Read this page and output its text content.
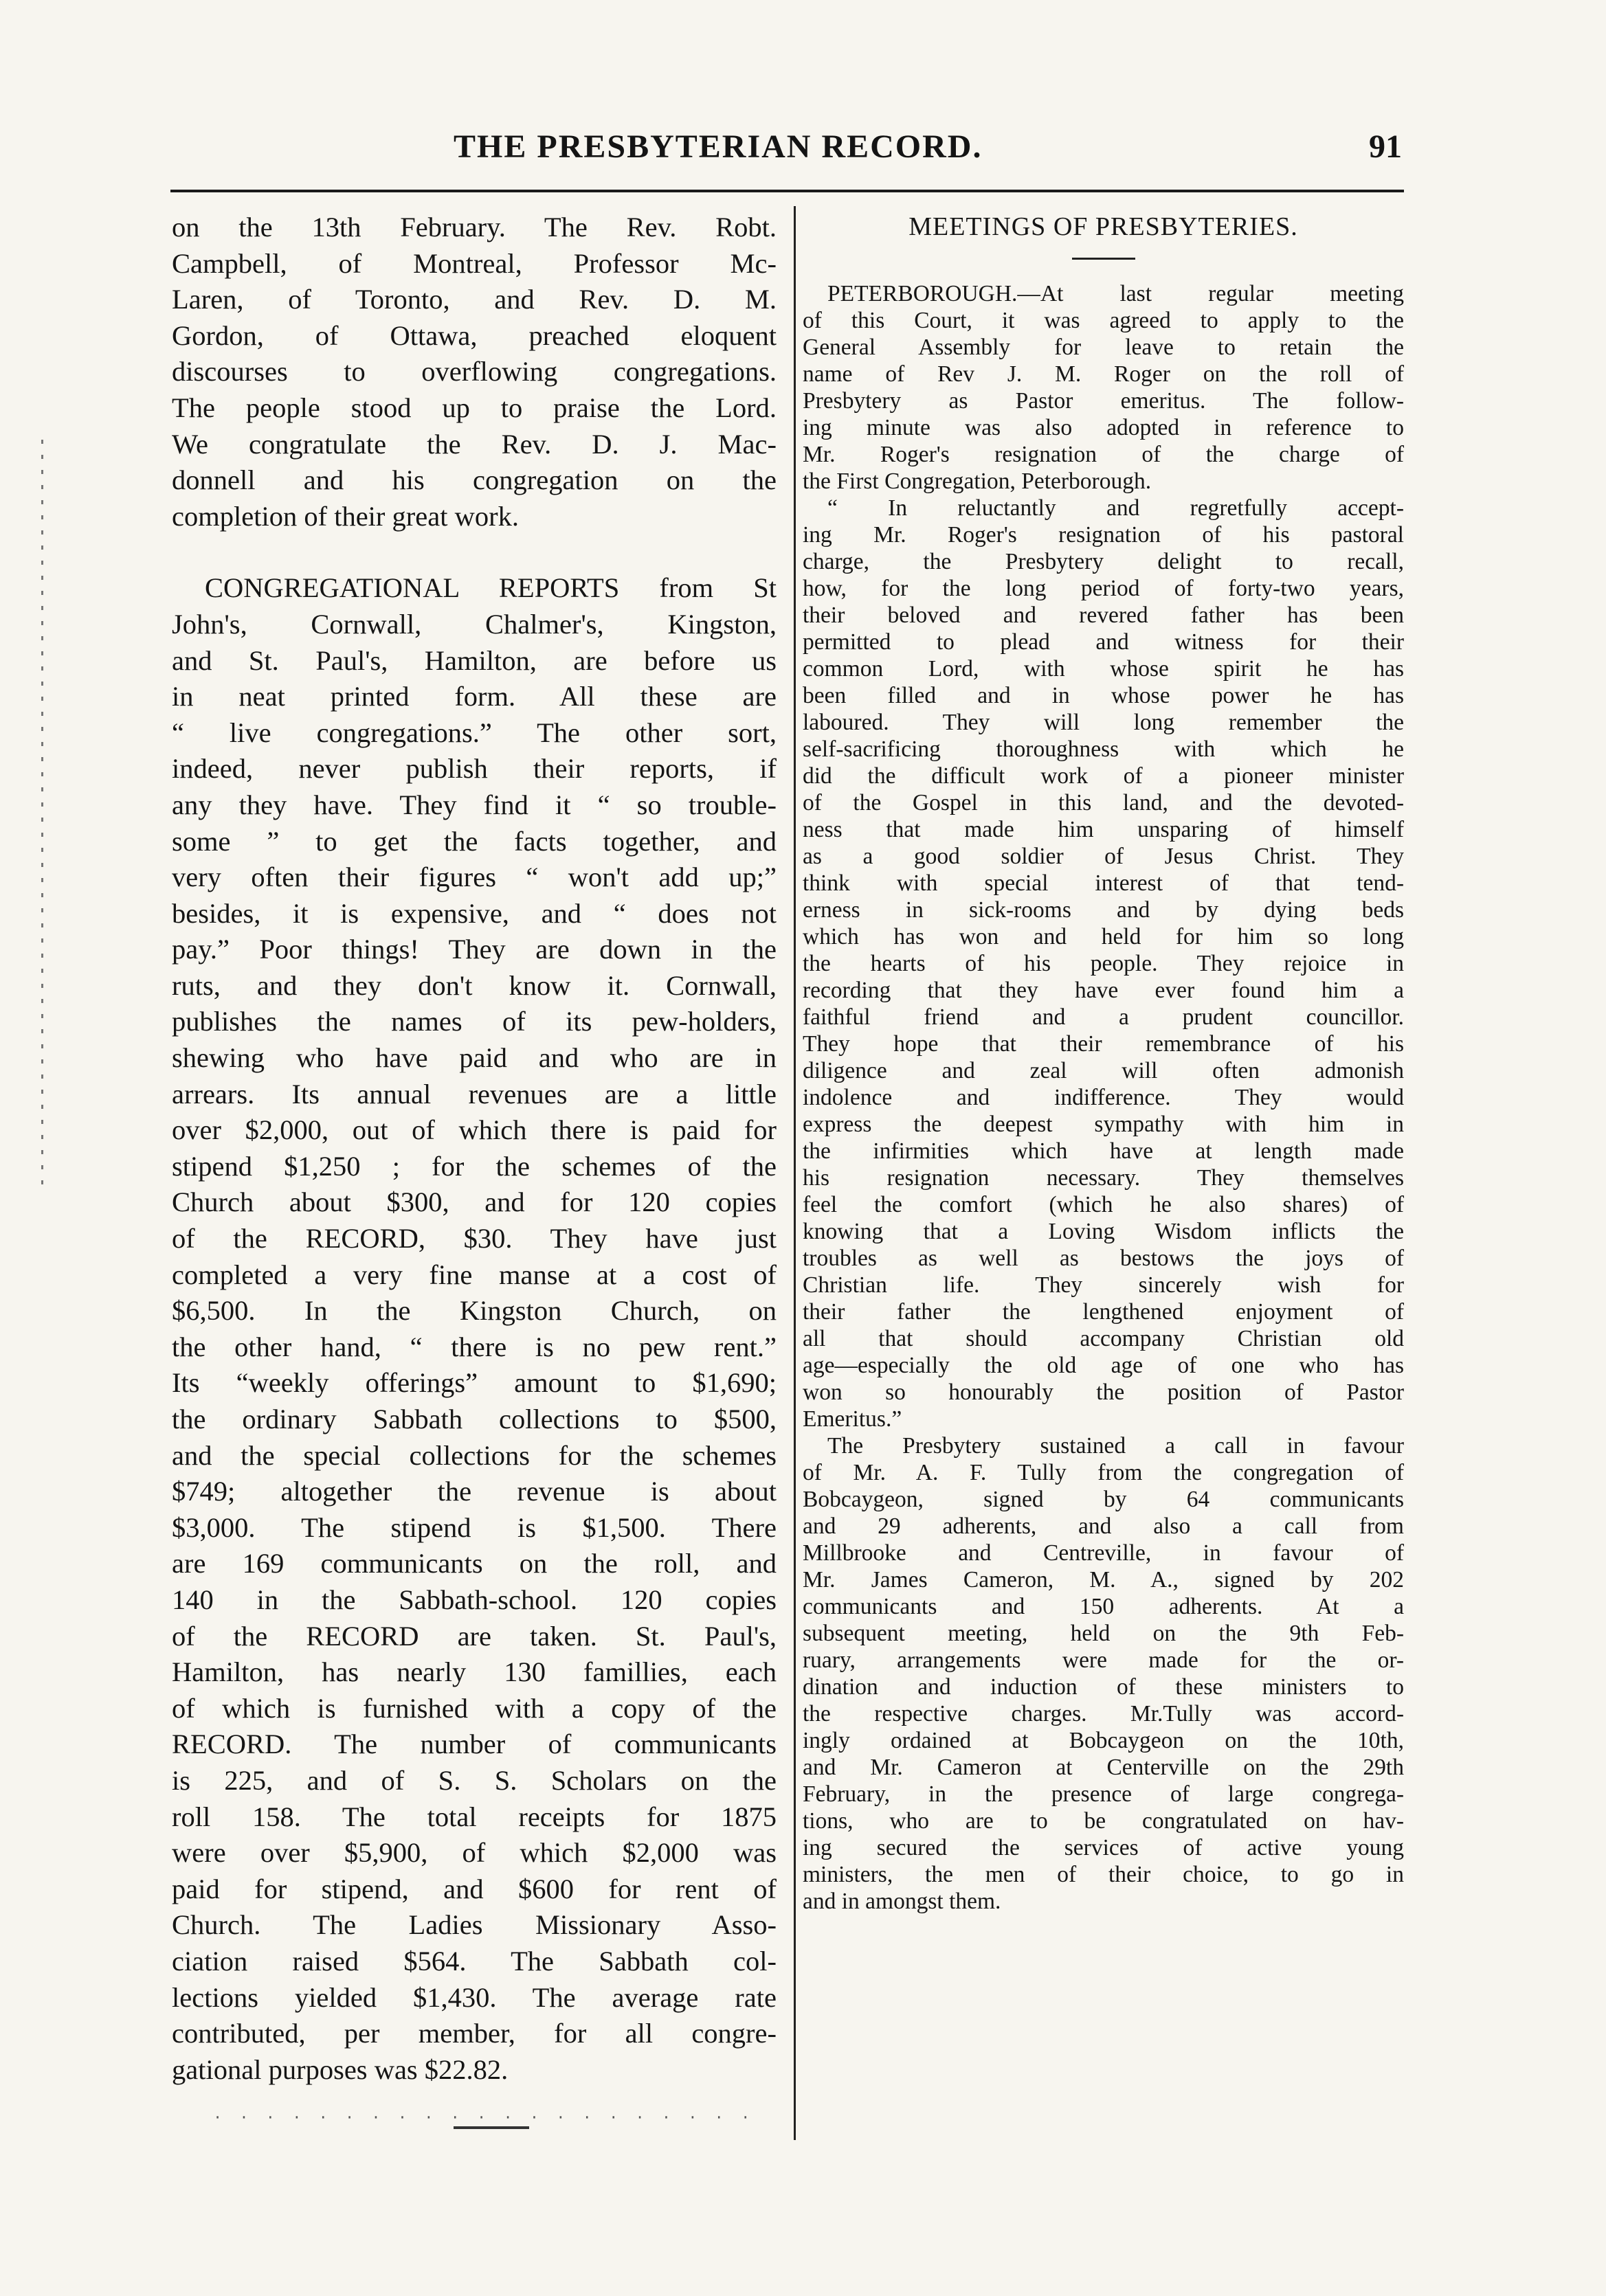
THE PRESBYTERIAN RECORD.	91
on the 13th February. The Rev. Robt.
Campbell, of Montreal, Professor Mc-
Laren, of Toronto, and Rev. D. M.
Gordon, of Ottawa, preached eloquent
discourses to overflowing congregations.
The people stood up to praise the Lord.
We congratulate the Rev. D. J. Mac-
donnell and his congregation on the
completion of their great work.
CONGREGATIONAL REPORTS from St
John's, Cornwall, Chalmer's, Kingston,
and St. Paul's, Hamilton, are before us
in neat printed form. All these are
“ live congregations.” The other sort,
indeed, never publish their reports, if
any they have. They find it “ so trouble-
some ” to get the facts together, and
very often their figures “ won't add up;”
besides, it is expensive, and “ does not
pay.” Poor things! They are down in the
ruts, and they don't know it. Cornwall,
publishes the names of its pew-holders,
shewing who have paid and who are in
arrears. Its annual revenues are a little
over $2,000, out of which there is paid for
stipend $1,250 ; for the schemes of the
Church about $300, and for 120 copies
of the RECORD, $30. They have just
completed a very fine manse at a cost of
$6,500. In the Kingston Church, on
the other hand, “ there is no pew rent.”
Its “weekly offerings” amount to $1,690;
the ordinary Sabbath collections to $500,
and the special collections for the schemes
$749; altogether the revenue is about
$3,000. The stipend is $1,500. There
are 169 communicants on the roll, and
140 in the Sabbath-school. 120 copies
of the RECORD are taken. St. Paul's,
Hamilton, has nearly 130 famillies, each
of which is furnished with a copy of the
RECORD. The number of communicants
is 225, and of S. S. Scholars on the
roll 158. The total receipts for 1875
were over $5,900, of which $2,000 was
paid for stipend, and $600 for rent of
Church. The Ladies Missionary Asso-
ciation raised $564. The Sabbath col-
lections yielded $1,430. The average rate
contributed, per member, for all congre-
gational purposes was $22.82.
· · · · · · · · · · · · · · · · · · · · ·
MEETINGS OF PRESBYTERIES.
PETERBOROUGH.—At last regular meeting
of this Court, it was agreed to apply to the
General Assembly for leave to retain the
name of Rev J. M. Roger on the roll of
Presbytery as Pastor emeritus. The follow-
ing minute was also adopted in reference to
Mr. Roger's resignation of the charge of
the First Congregation, Peterborough.
“ In reluctantly and regretfully accept-
ing Mr. Roger's resignation of his pastoral
charge, the Presbytery delight to recall,
how, for the long period of forty-two years,
their beloved and revered father has been
permitted to plead and witness for their
common Lord, with whose spirit he has
been filled and in whose power he has
laboured. They will long remember the
self-sacrificing thoroughness with which he
did the difficult work of a pioneer minister
of the Gospel in this land, and the devoted-
ness that made him unsparing of himself
as a good soldier of Jesus Christ. They
think with special interest of that tend-
erness in sick-rooms and by dying beds
which has won and held for him so long
the hearts of his people. They rejoice in
recording that they have ever found him a
faithful friend and a prudent councillor.
They hope that their remembrance of his
diligence and zeal will often admonish
indolence and indifference. They would
express the deepest sympathy with him in
the infirmities which have at length made
his resignation necessary. They themselves
feel the comfort (which he also shares) of
knowing that a Loving Wisdom inflicts the
troubles as well as bestows the joys of
Christian life. They sincerely wish for
their father the lengthened enjoyment of
all that should accompany Christian old
age—especially the old age of one who has
won so honourably the position of Pastor
Emeritus.”
The Presbytery sustained a call in favour
of Mr. A. F. Tully from the congregation of
Bobcaygeon, signed by 64 communicants
and 29 adherents, and also a call from
Millbrooke and Centreville, in favour of
Mr. James Cameron, M. A., signed by 202
communicants and 150 adherents. At a
subsequent meeting, held on the 9th Feb-
ruary, arrangements were made for the or-
dination and induction of these ministers to
the respective charges. Mr.Tully was accord-
ingly ordained at Bobcaygeon on the 10th,
and Mr. Cameron at Centerville on the 29th
February, in the presence of large congrega-
tions, who are to be congratulated on hav-
ing secured the services of active young
ministers, the men of their choice, to go in
and in amongst them.
